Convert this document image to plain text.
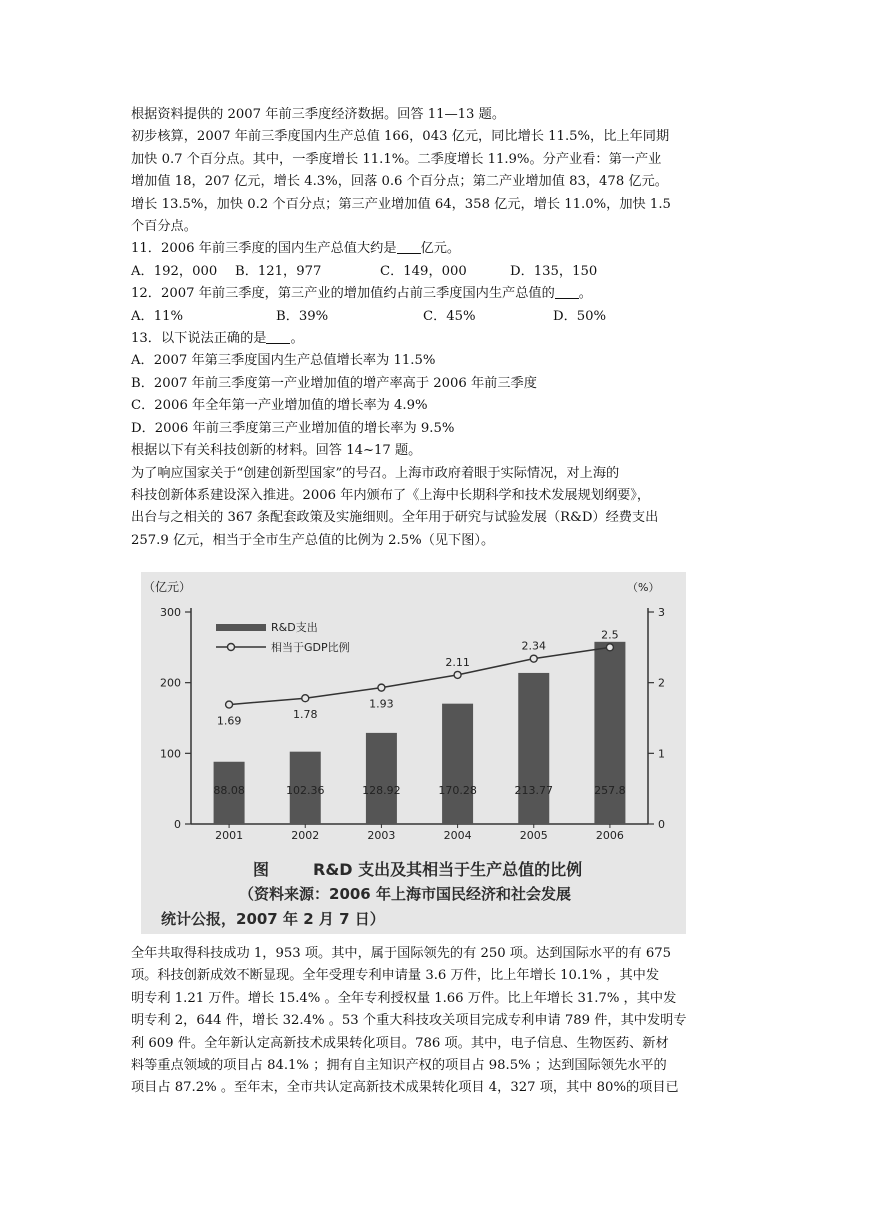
根据资料提供的 2007 年前三季度经济数据。回答 11—13 题。

初步核算，2007 年前三季度国内生产总值 166，043 亿元，同比增长 11.5%，比上年同期

加快 0.7 个百分点。其中，一季度增长 11.1%。二季度增长 11.9%。分产业看：第一产业

增加值 18，207 亿元，增长 4.3%，回落 0.6 个百分点；第二产业增加值 83，478 亿元。

增长 13.5%，加快 0.2 个百分点；第三产业增加值 64，358 亿元，增长 11.0%，加快 1.5

个百分点。

11．2006 年前三季度的国内生产总值大约是 亿元。

A．192，000	B．121，977	C．149，000	D．135，150

12．2007 年前三季度，第三产业的增加值约占前三季度国内生产总值的 。

A．11%	B．39%	C．45%	D．50%

13．以下说法正确的是 。

A．2007 年第三季度国内生产总值增长率为 11.5%

B．2007 年前三季度第一产业增加值的增产率高于 2006 年前三季度

C．2006 年全年第一产业增加值的增长率为 4.9%

D．2006 年前三季度第三产业增加值的增长率为 9.5%

根据以下有关科技创新的材料。回答 14~17 题。

为了响应国家关于“创建创新型国家”的号召。上海市政府着眼于实际情况，对上海的

科技创新体系建设深入推进。2006 年内颁布了《上海中长期科学和技术发展规划纲要》，

出台与之相关的 367 条配套政策及实施细则。全年用于研究与试验发展（R&D）经费支出

257.9 亿元，相当于全市生产总值的比例为 2.5%（见下图）。

0
100
200
300
0
1
2
3
2001	2002	2003	2004	2005	2006
88.08	102.36	128.92	170.28	213.77	257.8
1.69	1.78
1.93
2.11
2.34
2.5
R&D支出
相当于GDP比例
（亿元）	（%）
图	R&D 支出及其相当于生产总值的比例
（资料来源：2006 年上海市国民经济和社会发展
统计公报，2007 年 2 月 7 日）

全年共取得科技成功 1，953 项。其中，属于国际领先的有 250 项。达到国际水平的有 675

项。科技创新成效不断显现。全年受理专利申请量 3.6 万件，比上年增长 10.1% ，其中发

明专利 1.21 万件。增长 15.4% 。全年专利授权量 1.66 万件。比上年增长 31.7% ，其中发

明专利 2，644 件，增长 32.4% 。53 个重大科技攻关项目完成专利申请 789 件，其中发明专

利 609 件。全年新认定高新技术成果转化项目。786 项。其中，电子信息、生物医药、新材

料等重点领域的项目占 84.1% ；拥有自主知识产权的项目占 98.5% ；达到国际领先水平的

项目占 87.2% 。至年末，全市共认定高新技术成果转化项目 4，327 项，其中 80%的项目已
